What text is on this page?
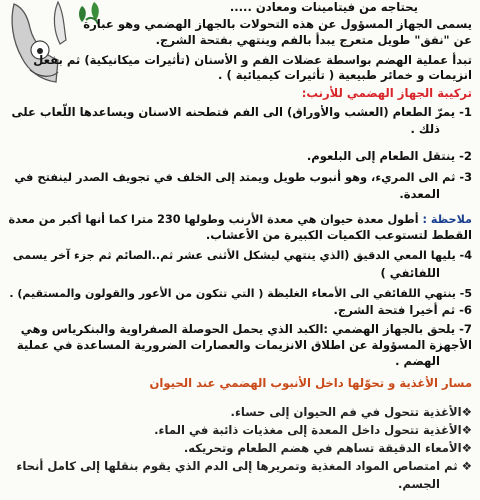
يحتاجه من فيتامينات ومعادن .....
يسمى الجهاز المسؤول عن هذه التحولات بالجهاز الهضمي وهو عبارة
عن "نفق" طويل متعرج يبدأ بالفم وينتهي بفتحة الشرج.
تبدأ عملية الهضم بواسطة عضلات الفم و الأسنان (تأثيرات ميكانيكية) ثم بفعل
انزيمات و خمائر طبيعية ( تأثيرات كيميائية ) .
تركيبة الجهاز الهضمي للأرنب:
1- يمرّ الطعام (العشب والأوراق) الى الفم فتطحنه الاسنان ويساعدها اللّعاب على
ذلك .
2- ينتقل الطعام إلى البلعوم.
3- ثم الى المريء، وهو أنبوب طويل ويمتد إلى الخلف في تجويف الصدر لينفتح في
المعدة.
ملاحظة : أطول معدة حيوان هي معدة الأرنب وطولها 230 مترا كما أنها أكبر من معدة
القطط لتستوعب الكميات الكبيرة من الأعشاب.
4- يليها المعي الدقيق (الذي ينتهي ليشكل الأثنى عشر ثم..الصائم ثم جزء آخر يسمى
اللفائفي )
5- ينتهي اللفائفي الى الأمعاء الغليظة ( التي تتكون من الأعور والقولون والمستقيم) .
6- ثم أخيرا فتحة الشرج.
7- يلحق بالجهاز الهضمي :الكبد الذي يحمل الحوصلة الصفراوية والبنكرياس وهي
الأجهزة المسؤولة عن اطلاق الانزيمات والعصارات الضرورية المساعدة في عملية
الهضم .
مسار الأغذية و تحوّلها داخل الأنبوب الهضمي عند الحيوان
❖الأغذية تتحول في فم الحيوان إلى حساء.
❖الأغذية تتحول داخل المعدة إلى مغذيات ذائبة في الماء.
❖الأمعاء الدقيقة تساهم في هضم الطعام وتحريكه.
❖ ثم امتصاص المواد المغذية وتمريرها إلى الدم الذي يقوم بنقلها إلى كامل أنحاء
الجسم.
